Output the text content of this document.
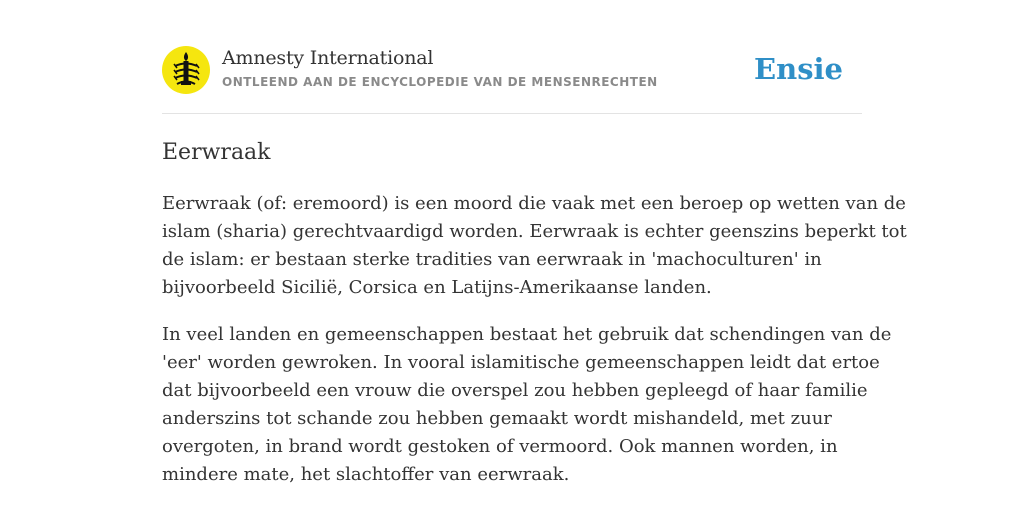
Amnesty International
ONTLEEND AAN DE ENCYCLOPEDIE VAN DE MENSENRECHTEN	Ensie
Eerwraak

Eerwraak (of: eremoord) is een moord die vaak met een beroep op wetten van de
islam (sharia) gerechtvaardigd worden. Eerwraak is echter geenszins beperkt tot
de islam: er bestaan sterke tradities van eerwraak in 'machoculturen' in
bijvoorbeeld Sicilië, Corsica en Latijns-Amerikaanse landen.

In veel landen en gemeenschappen bestaat het gebruik dat schendingen van de
'eer' worden gewroken. In vooral islamitische gemeenschappen leidt dat ertoe
dat bijvoorbeeld een vrouw die overspel zou hebben gepleegd of haar familie
anderszins tot schande zou hebben gemaakt wordt mishandeld, met zuur
overgoten, in brand wordt gestoken of vermoord. Ook mannen worden, in
mindere mate, het slachtoffer van eerwraak.
